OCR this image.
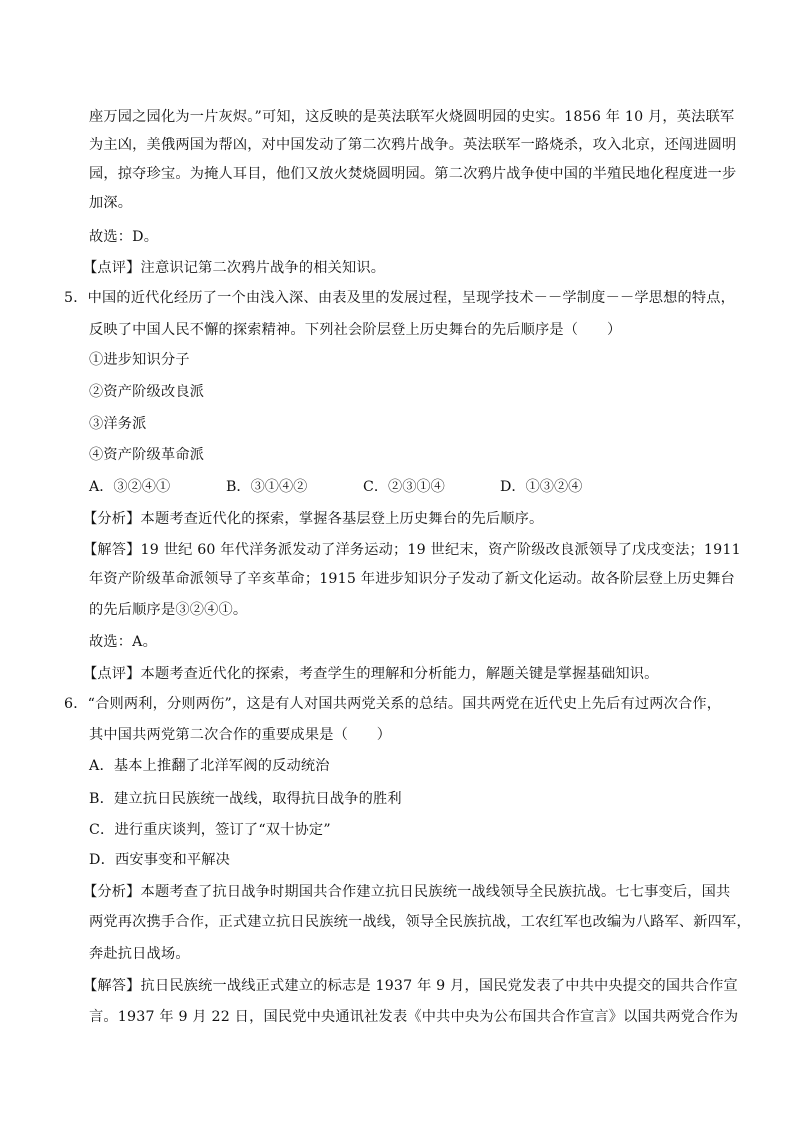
座万园之园化为一片灰烬。”可知，这反映的是英法联军火烧圆明园的史实。1856 年 10 月，英法联军
为主凶，美俄两国为帮凶，对中国发动了第二次鸦片战争。英法联军一路烧杀，攻入北京，还闯进圆明
园，掠夺珍宝。为掩人耳目，他们又放火焚烧圆明园。第二次鸦片战争使中国的半殖民地化程度进一步
加深。
故选：D。
【点评】注意识记第二次鸦片战争的相关知识。
5．中国的近代化经历了一个由浅入深、由表及里的发展过程，呈现学技术－－学制度－－学思想的特点，
反映了中国人民不懈的探索精神。下列社会阶层登上历史舞台的先后顺序是（　　）
①进步知识分子
②资产阶级改良派
③洋务派
④资产阶级革命派
A．③②④①	B．③①④②	C．②③①④	D．①③②④
【分析】本题考查近代化的探索，掌握各基层登上历史舞台的先后顺序。
【解答】19 世纪 60 年代洋务派发动了洋务运动；19 世纪末，资产阶级改良派领导了戊戌变法；1911
年资产阶级革命派领导了辛亥革命；1915 年进步知识分子发动了新文化运动。故各阶层登上历史舞台
的先后顺序是③②④①。
故选：A。
【点评】本题考查近代化的探索，考查学生的理解和分析能力，解题关键是掌握基础知识。
6．“合则两利，分则两伤”，这是有人对国共两党关系的总结。国共两党在近代史上先后有过两次合作，
其中国共两党第二次合作的重要成果是（　　）
A．基本上推翻了北洋军阀的反动统治
B．建立抗日民族统一战线，取得抗日战争的胜利
C．进行重庆谈判，签订了“双十协定”
D．西安事变和平解决
【分析】本题考查了抗日战争时期国共合作建立抗日民族统一战线领导全民族抗战。七七事变后，国共
两党再次携手合作，正式建立抗日民族统一战线，领导全民族抗战，工农红军也改编为八路军、新四军，
奔赴抗日战场。
【解答】抗日民族统一战线正式建立的标志是 1937 年 9 月，国民党发表了中共中央提交的国共合作宣
言。1937 年 9 月 22 日，国民党中央通讯社发表《中共中央为公布国共合作宣言》以国共两党合作为
